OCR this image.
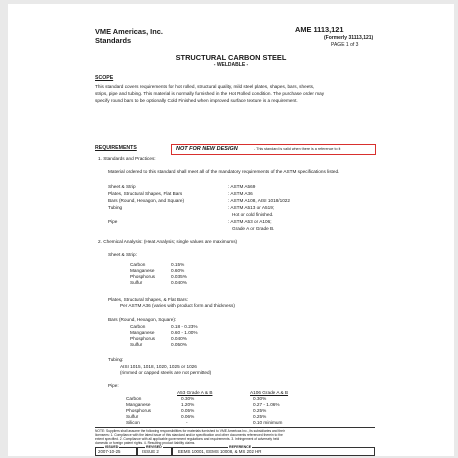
VME Americas, Inc.
Standards
AME 1113,121
(Formerly 31113,121)
PAGE 1 of 3
STRUCTURAL CARBON STEEL
- WELDABLE -
SCOPE
This standard covers requirements for hot rolled, structural quality, mild steel plates, shapes, bars, sheets,
strips, pipe and tubing. This material is normally furnished in the Hot Rolled condition. The purchase order may
specify round bars to be optionally Cold Finished when improved surface texture is a requirement.
REQUIREMENTS	NOT FOR NEW DESIGN	- This standard is valid when there is a reference to it
1. Standards and Practices:
Material ordered to this standard shall meet all of the mandatory requirements of the ASTM specifications listed.
Sheet & Strip	: ASTM A569
Plates, Structural Shapes, Flat Bars	: ASTM A36
Bars (Round, Hexagon, and Square)	: ASTM A108, AISI 1018/1022
Tubing	: ASTM A513 or A519;
Hot or cold finished.
Pipe	: ASTM A53 or A106;
Grade A or Grade B.
2. Chemical Analysis: (Heat Analysis; single values are maximums)
Sheet & Strip:
Carbon	0.15%
Manganese	0.60%
Phosphorus	0.035%
Sulfur	0.040%
Plates, Structural Shapes, & Flat Bars:
Per ASTM A36 (varies with product form and thickness)
Bars (Round, Hexagon, Square):
Carbon	0.18 - 0.23%
Manganese	0.60 - 1.00%
Phosphorus	0.040%
Sulfur	0.050%
Tubing:
AISI 1015, 1018, 1020, 1025 or 1026
(rimmed or capped steels are not permitted)
Pipe:
A53 Grade A & B	A106 Grade A & B
Carbon	0.30%	0.30%
Manganese	1.20%	0.27 - 1.06%
Phosphorus	0.05%	0.25%
Sulfur	0.06%	0.25%
Silicon	-	0.10 minimum
NOTE: Suppliers shall assume the following responsibilities for materials furnished to VME Americas Inc., its subsidiaries and their
licensees: 1. Compliance with the latest issue of this standard and/or specification and other documents referenced therein to the
extent specified. 2. Compliance with all applicable government regulations and requirements. 3. Infringement of adversely held
domestic or foreign patent rights. 4. Resulting product liability claims.
ISSUED	REVISED	REFERENCE
2007-10-25	ISSUE 2	EEMS 10001, EEMS 10008, & MS 202 HR
